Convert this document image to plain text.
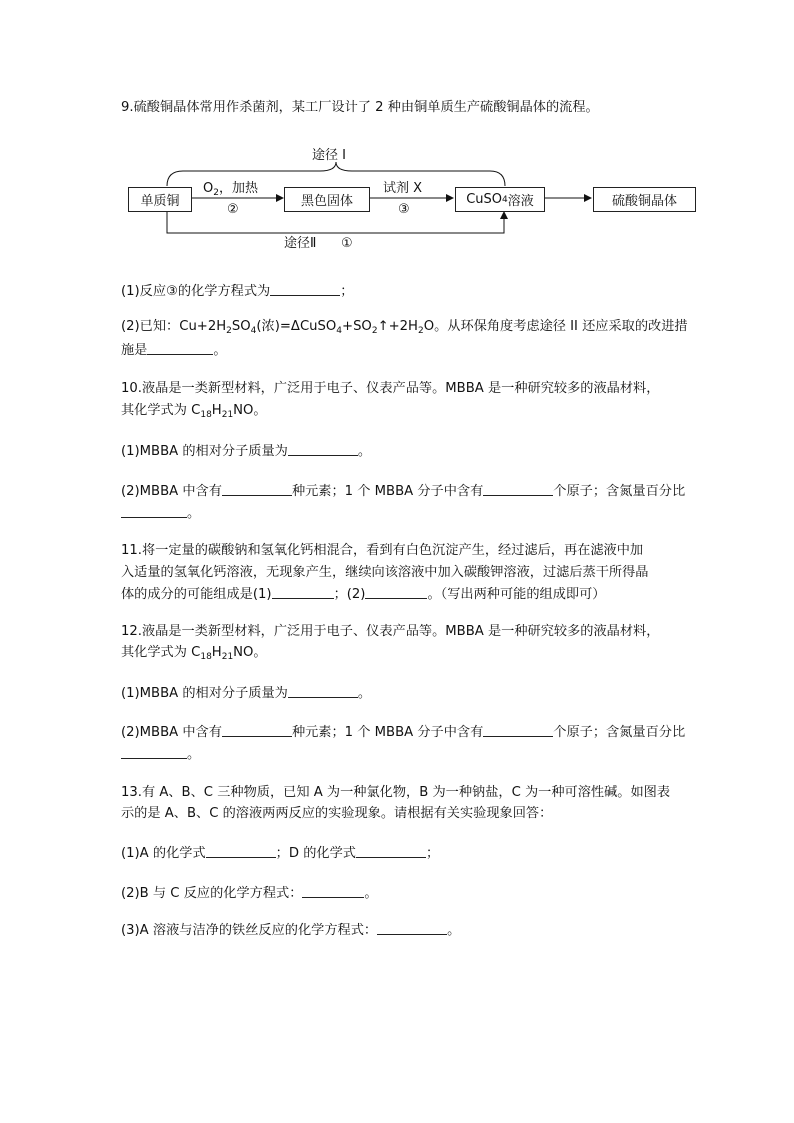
9.硫酸铜晶体常用作杀菌剂，某工厂设计了 2 种由铜单质生产硫酸铜晶体的流程。
途径 I
单质铜	黑色固体	CuSO 4 溶液	硫酸铜晶体
$O_2$，加热
②
试剂 X
③
途径Ⅱ ①
(1)反应③的化学方程式为	；
(2)已知：$Cu+2H_2SO_4$(浓)$=\Delta CuSO_4+SO_2↑+2H_2O$。从环保角度考虑途径 II 还应采取的改进措
施是	。
10.液晶是一类新型材料，广泛用于电子、仪表产品等。MBBA 是一种研究较多的液晶材料，
其化学式为 $C_{18}H_{21}NO$。
(1)MBBA 的相对分子质量为	。
(2)MBBA 中含有	种元素；1 个 MBBA 分子中含有	个原子；含氮量百分比
。
11.将一定量的碳酸钠和氢氧化钙相混合，看到有白色沉淀产生，经过滤后，再在滤液中加
入适量的氢氧化钙溶液，无现象产生，继续向该溶液中加入碳酸钾溶液，过滤后蒸干所得晶
体的成分的可能组成是(1)	；(2)	。（写出两种可能的组成即可）
12.液晶是一类新型材料，广泛用于电子、仪表产品等。MBBA 是一种研究较多的液晶材料，
其化学式为 $C_{18}H_{21}NO$。
(1)MBBA 的相对分子质量为	。
(2)MBBA 中含有	种元素；1 个 MBBA 分子中含有	个原子；含氮量百分比
。
13.有 A、B、C 三种物质，已知 A 为一种氯化物，B 为一种钠盐，C 为一种可溶性碱。如图表
示的是 A、B、C 的溶液两两反应的实验现象。请根据有关实验现象回答：
(1)A 的化学式	；D 的化学式	；
(2)B 与 C 反应的化学方程式：	。
(3)A 溶液与洁净的铁丝反应的化学方程式：	。
